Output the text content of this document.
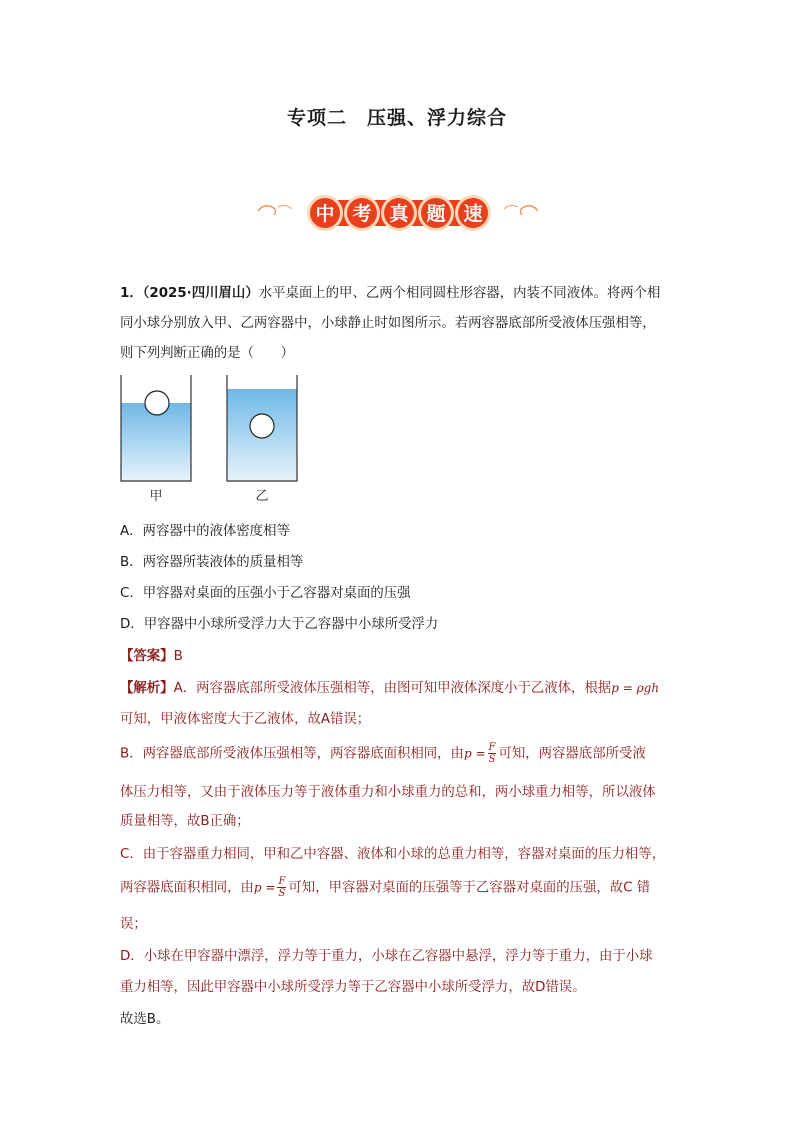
专项二　压强、浮力综合
中 考 真 题 速
1．（2025·四川眉山）水平桌面上的甲、乙两个相同圆柱形容器，内装不同液体。将两个相
同小球分别放入甲、乙两容器中，小球静止时如图所示。若两容器底部所受液体压强相等，
则下列判断正确的是（　　）
甲	乙
A．两容器中的液体密度相等
B．两容器所装液体的质量相等
C．甲容器对桌面的压强小于乙容器对桌面的压强
D．甲容器中小球所受浮力大于乙容器中小球所受浮力
【答案】B
【解析】A．两容器底部所受液体压强相等，由图可知甲液体深度小于乙液体，根据p = ρgh
可知，甲液体密度大于乙液体，故A错误；
B．两容器底部所受液体压强相等，两容器底面积相同，由$p = \frac{F}{S}$ 可知，两容器底部所受液
体压力相等，又由于液体压力等于液体重力和小球重力的总和，两小球重力相等，所以液体
质量相等，故B正确；
C．由于容器重力相同，甲和乙中容器、液体和小球的总重力相等，容器对桌面的压力相等，
两容器底面积相同，由$p = \frac{F}{S}$ 可知，甲容器对桌面的压强等于乙容器对桌面的压强，故C 错
误；
D．小球在甲容器中漂浮，浮力等于重力，小球在乙容器中悬浮，浮力等于重力，由于小球
重力相等，因此甲容器中小球所受浮力等于乙容器中小球所受浮力，故D错误。
故选B。
